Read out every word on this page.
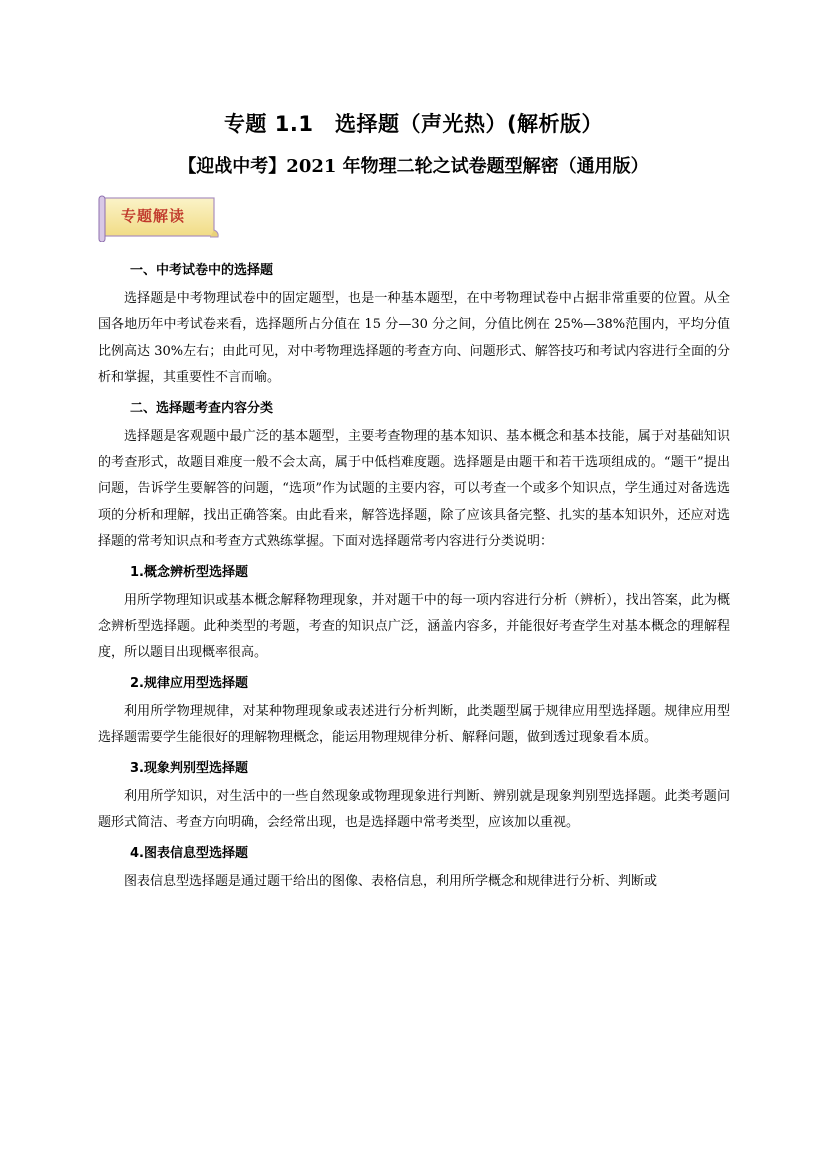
专题 1.1　选择题（声光热）(解析版）
【迎战中考】2021 年物理二轮之试卷题型解密（通用版）
专题解读
一、中考试卷中的选择题
选择题是中考物理试卷中的固定题型，也是一种基本题型，在中考物理试卷中占据非常重要的位置。从全国各地历年中考试卷来看，选择题所占分值在 15 分—30 分之间，分值比例在 25%—38%范围内，平均分值比例高达 30%左右；由此可见，对中考物理选择题的考查方向、问题形式、解答技巧和考试内容进行全面的分析和掌握，其重要性不言而喻。
二、选择题考查内容分类
选择题是客观题中最广泛的基本题型，主要考查物理的基本知识、基本概念和基本技能，属于对基础知识的考查形式，故题目难度一般不会太高，属于中低档难度题。选择题是由题干和若干选项组成的。“题干”提出问题，告诉学生要解答的问题，“选项”作为试题的主要内容，可以考查一个或多个知识点，学生通过对备选选项的分析和理解，找出正确答案。由此看来，解答选择题，除了应该具备完整、扎实的基本知识外，还应对选择题的常考知识点和考查方式熟练掌握。下面对选择题常考内容进行分类说明：
1.概念辨析型选择题
用所学物理知识或基本概念解释物理现象，并对题干中的每一项内容进行分析（辨析），找出答案，此为概念辨析型选择题。此种类型的考题，考查的知识点广泛，涵盖内容多，并能很好考查学生对基本概念的理解程度，所以题目出现概率很高。
2.规律应用型选择题
利用所学物理规律，对某种物理现象或表述进行分析判断，此类题型属于规律应用型选择题。规律应用型选择题需要学生能很好的理解物理概念，能运用物理规律分析、解释问题，做到透过现象看本质。
3.现象判别型选择题
利用所学知识，对生活中的一些自然现象或物理现象进行判断、辨别就是现象判别型选择题。此类考题问题形式简洁、考查方向明确，会经常出现，也是选择题中常考类型，应该加以重视。
4.图表信息型选择题
图表信息型选择题是通过题干给出的图像、表格信息，利用所学概念和规律进行分析、判断或
